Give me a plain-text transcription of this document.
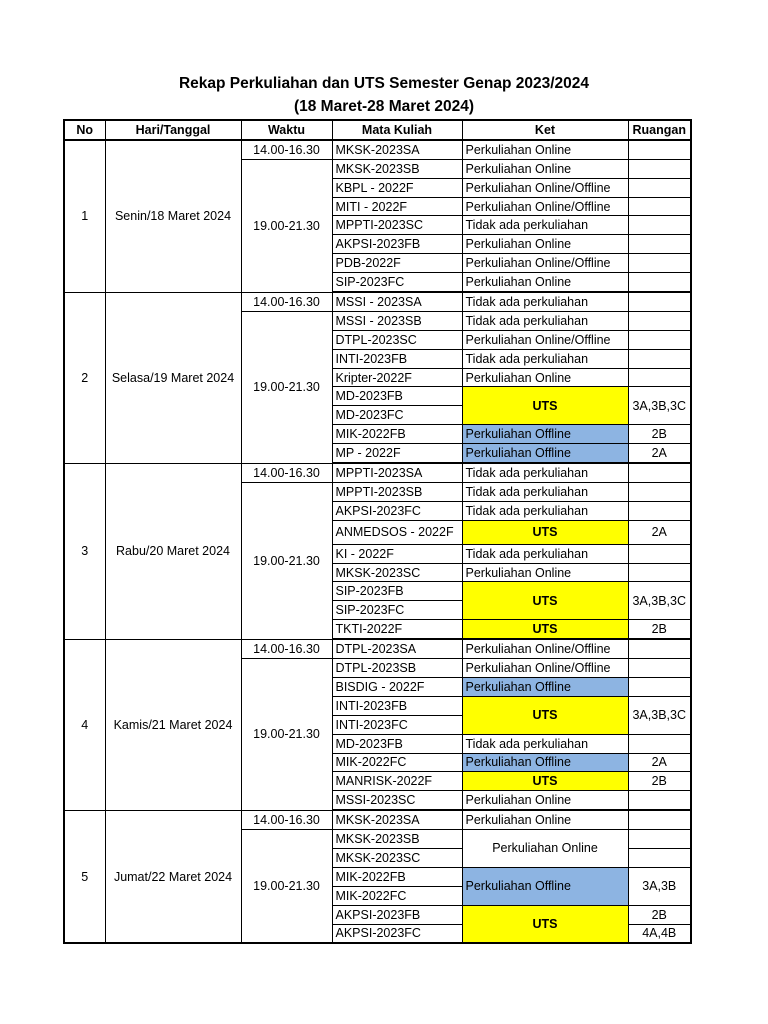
Rekap Perkuliahan dan UTS Semester Genap 2023/2024
(18 Maret-28 Maret 2024)
No	Hari/Tanggal	Waktu	Mata Kuliah	Ket	Ruangan
1	Senin/18 Maret 2024	14.00-16.30	MKSK-2023SA	Perkuliahan Online	
		19.00-21.30	MKSK-2023SB	Perkuliahan Online	
			KBPL - 2022F	Perkuliahan Online/Offline	
			MITI - 2022F	Perkuliahan Online/Offline	
			MPPTI-2023SC	Tidak ada perkuliahan	
			AKPSI-2023FB	Perkuliahan Online	
			PDB-2022F	Perkuliahan Online/Offline	
			SIP-2023FC	Perkuliahan Online	
2	Selasa/19 Maret 2024	14.00-16.30	MSSI - 2023SA	Tidak ada perkuliahan	
		19.00-21.30	MSSI - 2023SB	Tidak ada perkuliahan	
			DTPL-2023SC	Perkuliahan Online/Offline	
			INTI-2023FB	Tidak ada perkuliahan	
			Kripter-2022F	Perkuliahan Online	
			MD-2023FB	UTS	3A,3B,3C
			MD-2023FC		
			MIK-2022FB	Perkuliahan Offline	2B
			MP - 2022F	Perkuliahan Offline	2A
3	Rabu/20 Maret 2024	14.00-16.30	MPPTI-2023SA	Tidak ada perkuliahan	
		19.00-21.30	MPPTI-2023SB	Tidak ada perkuliahan	
			AKPSI-2023FC	Tidak ada perkuliahan	
			ANMEDSOS - 2022F	UTS	2A
			KI - 2022F	Tidak ada perkuliahan	
			MKSK-2023SC	Perkuliahan Online	
			SIP-2023FB	UTS	3A,3B,3C
			SIP-2023FC		
			TKTI-2022F	UTS	2B
4	Kamis/21 Maret 2024	14.00-16.30	DTPL-2023SA	Perkuliahan Online/Offline	
		19.00-21.30	DTPL-2023SB	Perkuliahan Online/Offline	
			BISDIG - 2022F	Perkuliahan Offline	
			INTI-2023FB	UTS	3A,3B,3C
			INTI-2023FC		
			MD-2023FB	Tidak ada perkuliahan	
			MIK-2022FC	Perkuliahan Offline	2A
			MANRISK-2022F	UTS	2B
			MSSI-2023SC	Perkuliahan Online	
5	Jumat/22 Maret 2024	14.00-16.30	MKSK-2023SA	Perkuliahan Online	
		19.00-21.30	MKSK-2023SB	Perkuliahan Online	
			MKSK-2023SC		
			MIK-2022FB	Perkuliahan Offline	3A,3B
			MIK-2022FC		
			AKPSI-2023FB	UTS	2B
			AKPSI-2023FC		4A,4B
